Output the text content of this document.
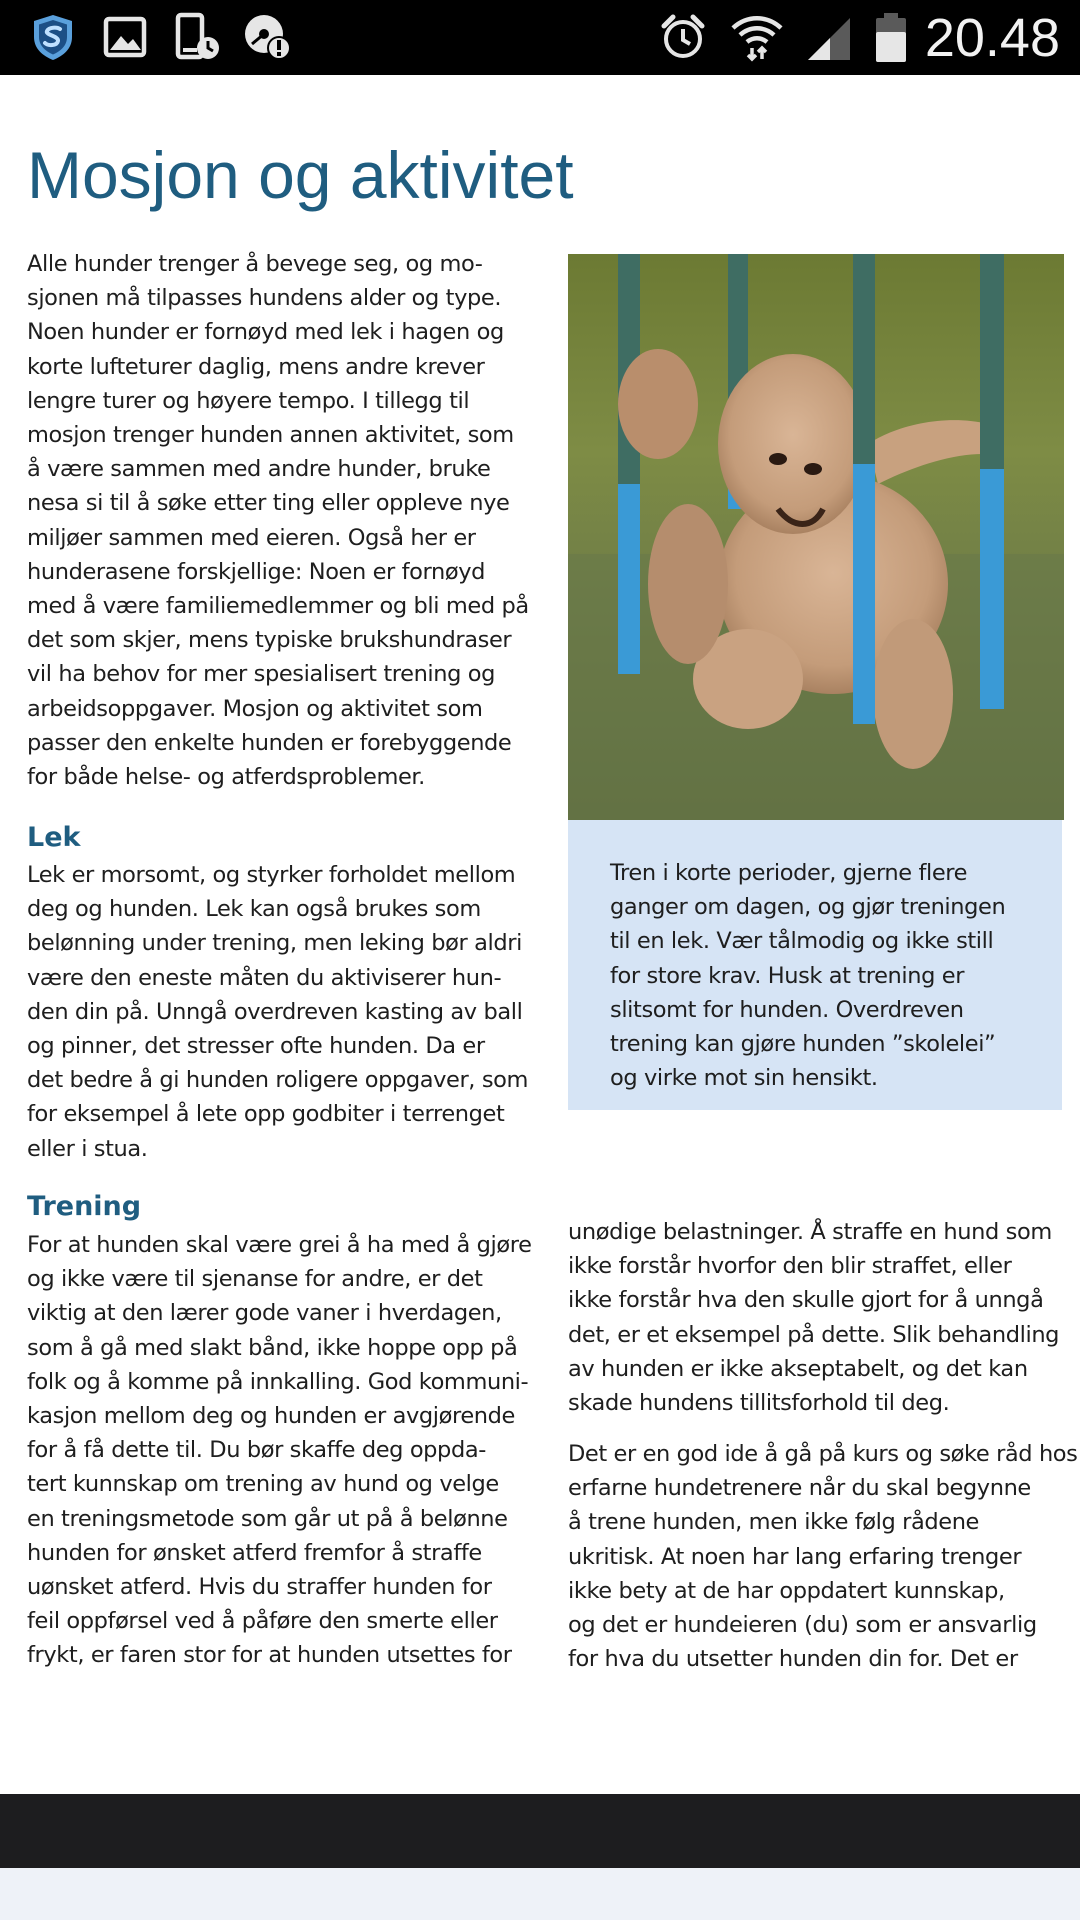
20.48
Mosjon og aktivitet
Alle hunder trenger å bevege seg, og mo-
sjonen må tilpasses hundens alder og type.
Noen hunder er fornøyd med lek i hagen og
korte lufteturer daglig, mens andre krever
lengre turer og høyere tempo. I tillegg til
mosjon trenger hunden annen aktivitet, som
å være sammen med andre hunder, bruke
nesa si til å søke etter ting eller oppleve nye
miljøer sammen med eieren. Også her er
hunderasene forskjellige: Noen er fornøyd
med å være familiemedlemmer og bli med på
det som skjer, mens typiske brukshundraser
vil ha behov for mer spesialisert trening og
arbeidsoppgaver. Mosjon og aktivitet som
passer den enkelte hunden er forebyggende
for både helse- og atferdsproblemer.
Lek
Lek er morsomt, og styrker forholdet mellom
deg og hunden. Lek kan også brukes som
belønning under trening, men leking bør aldri
være den eneste måten du aktiviserer hun-
den din på. Unngå overdreven kasting av ball
og pinner, det stresser ofte hunden. Da er
det bedre å gi hunden roligere oppgaver, som
for eksempel å lete opp godbiter i terrenget
eller i stua.
Trening
For at hunden skal være grei å ha med å gjøre
og ikke være til sjenanse for andre, er det
viktig at den lærer gode vaner i hverdagen,
som å gå med slakt bånd, ikke hoppe opp på
folk og å komme på innkalling. God kommuni-
kasjon mellom deg og hunden er avgjørende
for å få dette til. Du bør skaffe deg oppda-
tert kunnskap om trening av hund og velge
en treningsmetode som går ut på å belønne
hunden for ønsket atferd fremfor å straffe
uønsket atferd. Hvis du straffer hunden for
feil oppførsel ved å påføre den smerte eller
frykt, er faren stor for at hunden utsettes for
Tren i korte perioder, gjerne flere
ganger om dagen, og gjør treningen
til en lek. Vær tålmodig og ikke still
for store krav. Husk at trening er
slitsomt for hunden. Overdreven
trening kan gjøre hunden ”skolelei”
og virke mot sin hensikt.
unødige belastninger. Å straffe en hund som
ikke forstår hvorfor den blir straffet, eller
ikke forstår hva den skulle gjort for å unngå
det, er et eksempel på dette. Slik behandling
av hunden er ikke akseptabelt, og det kan
skade hundens tillitsforhold til deg.
Det er en god ide å gå på kurs og søke råd hos
erfarne hundetrenere når du skal begynne
å trene hunden, men ikke følg rådene
ukritisk. At noen har lang erfaring trenger
ikke bety at de har oppdatert kunnskap,
og det er hundeieren (du) som er ansvarlig
for hva du utsetter hunden din for. Det er
